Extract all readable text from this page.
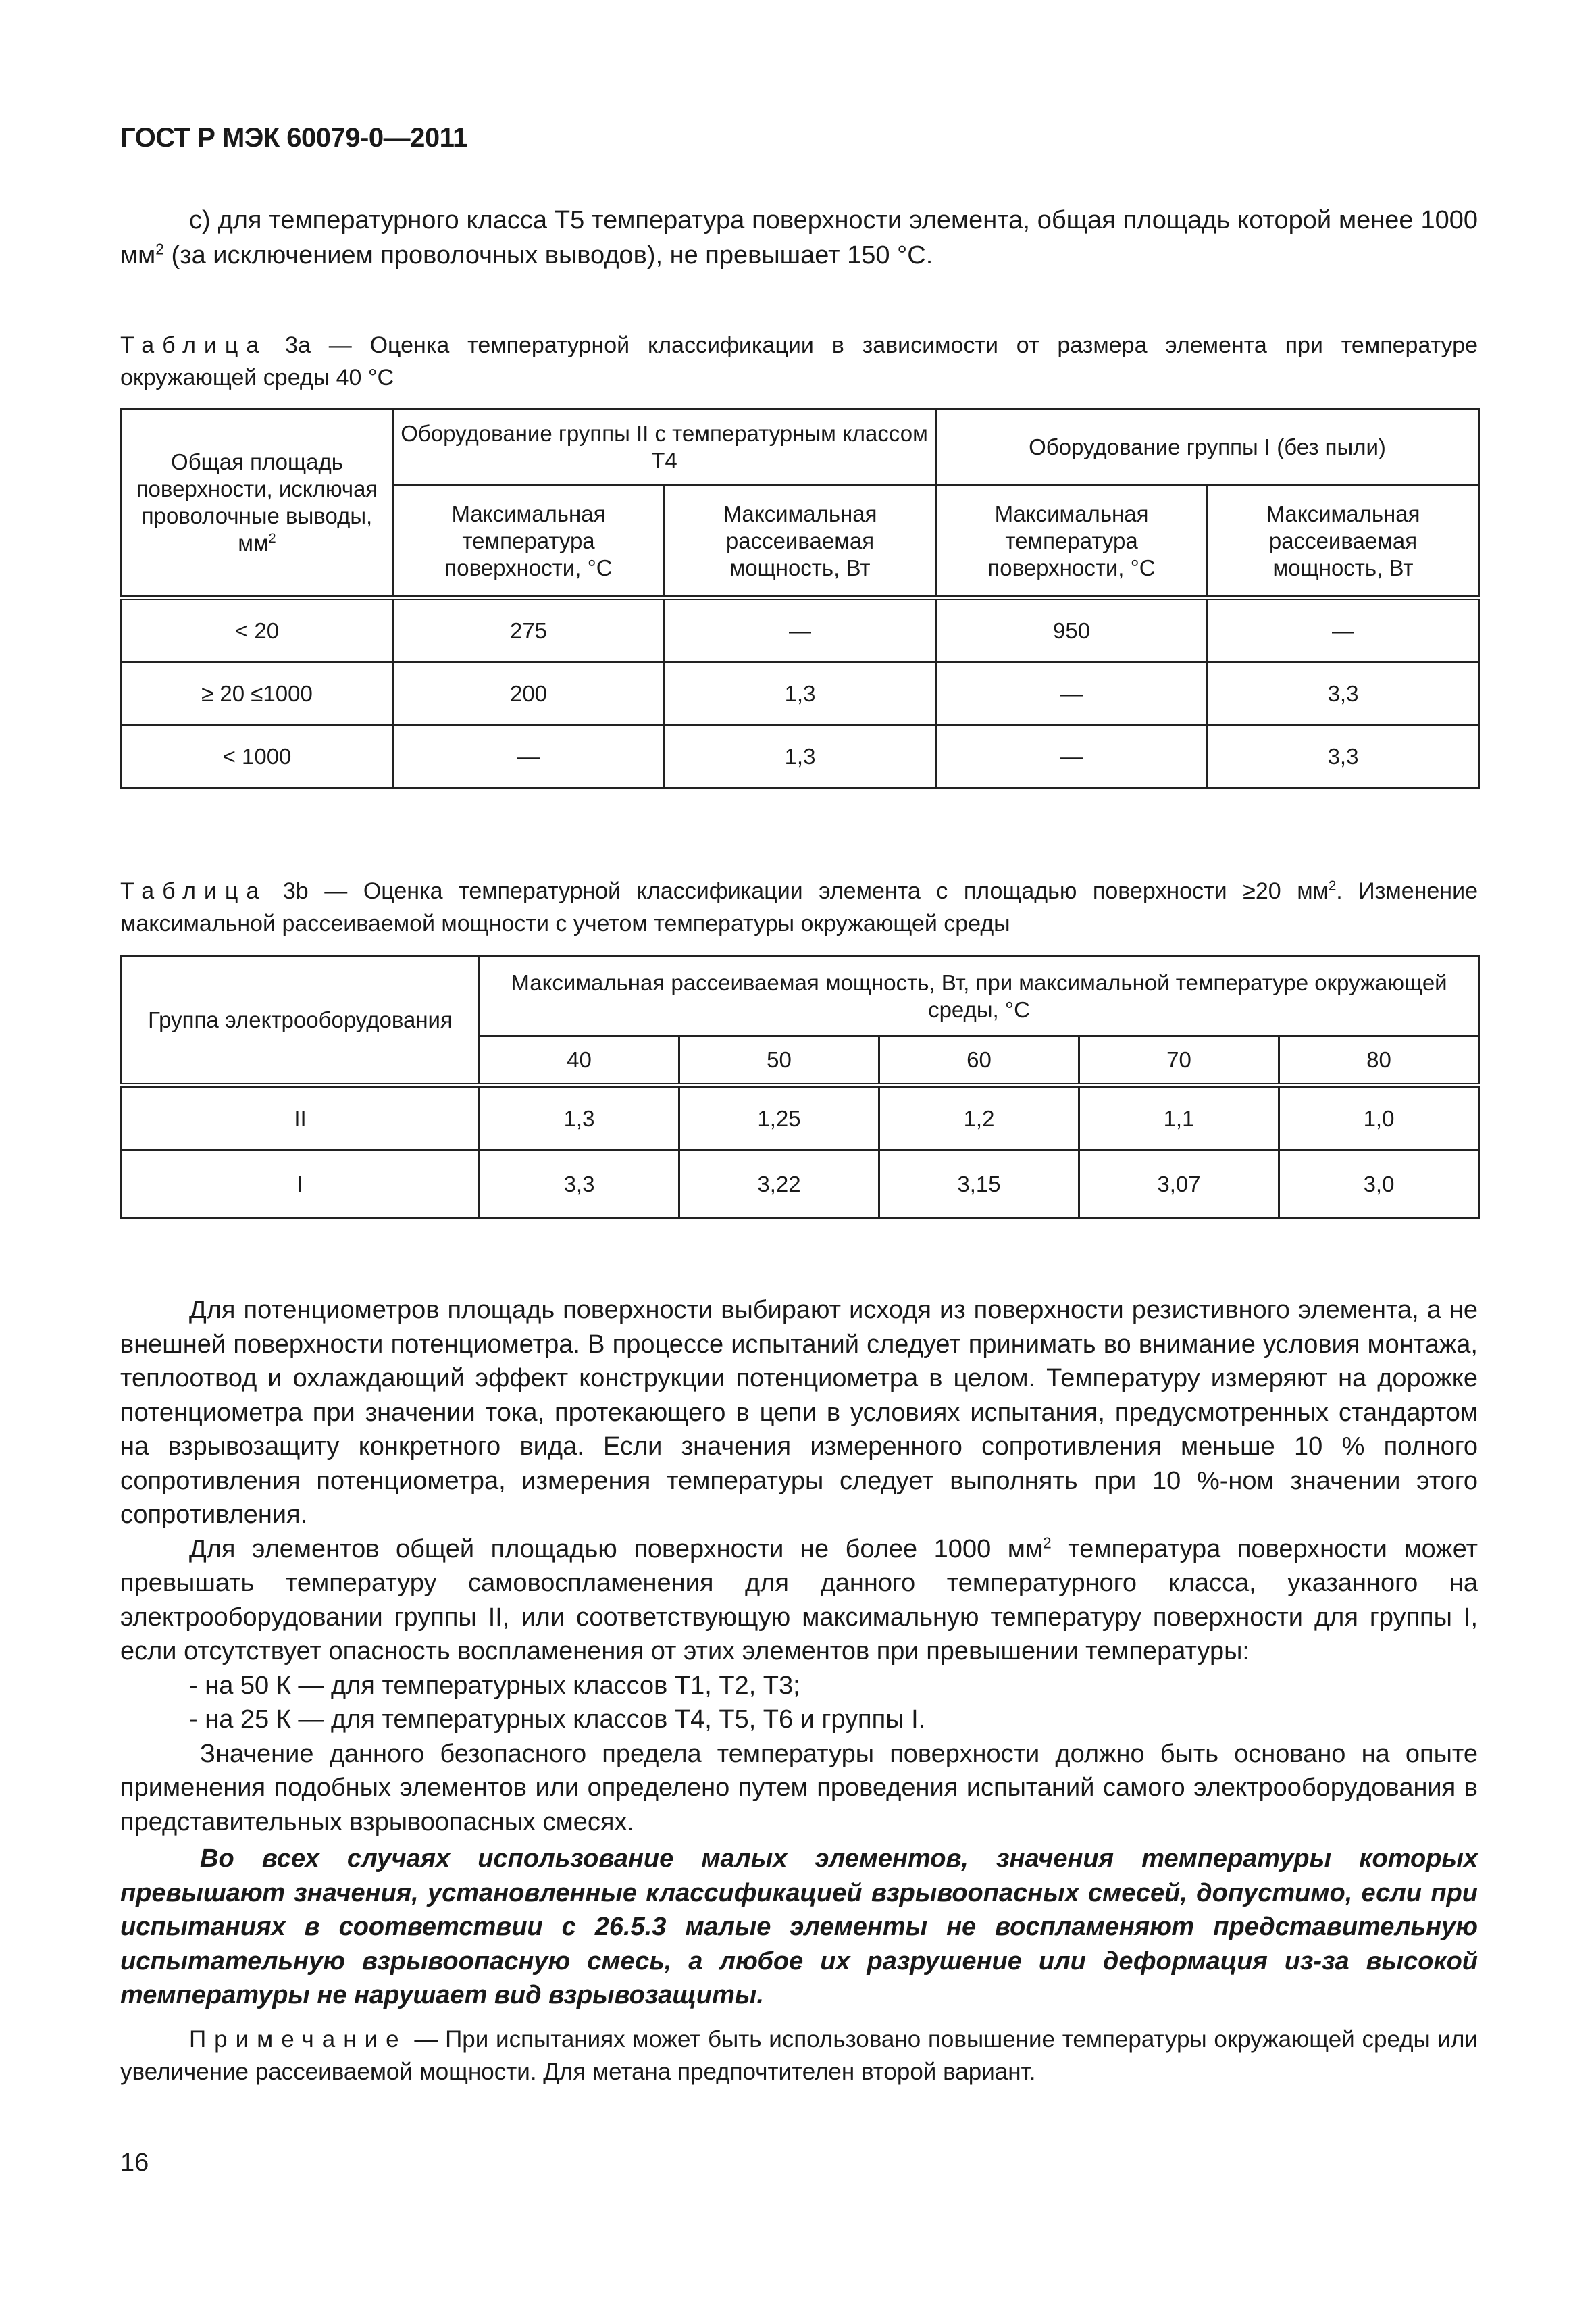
ГОСТ Р МЭК 60079-0—2011
с) для температурного класса Т5 температура поверхности элемента, общая площадь которой менее 1000 $мм^2$ (за исключением проволочных выводов), не превышает 150 °С.
Таблица 3а — Оценка температурной классификации в зависимости от размера элемента при температуре окружающей среды 40 °С
Общая площадь поверхности, исключая проволочные выводы, $мм^2$	Оборудование группы II с температурным классом Т4		Оборудование группы I (без пыли)	
	Максимальная температура поверхности, °С	Максимальная рассеиваемая мощность, Вт	Максимальная температура поверхности, °С	Максимальная рассеиваемая мощность, Вт
< 20	275	—	950	—
≥ 20 ≤1000	200	1,3	—	3,3
< 1000	—	1,3	—	3,3
Таблица 3b — Оценка температурной классификации элемента с площадью поверхности ≥20 $мм^2$. Изменение максимальной рассеиваемой мощности с учетом температуры окружающей среды
Группа электрооборудования	Максимальная рассеиваемая мощность, Вт, при максимальной температуре окружающей среды, °С				
	40	50	60	70	80
II	1,3	1,25	1,2	1,1	1,0
I	3,3	3,22	3,15	3,07	3,0
Для потенциометров площадь поверхности выбирают исходя из поверхности резистивного элемента, а не внешней поверхности потенциометра. В процессе испытаний следует принимать во внимание условия монтажа, теплоотвод и охлаждающий эффект конструкции потенциометра в целом. Температуру измеряют на дорожке потенциометра при значении тока, протекающего в цепи в условиях испытания, предусмотренных стандартом на взрывозащиту конкретного вида. Если значения измеренного сопротивления меньше 10 % полного сопротивления потенциометра, измерения температуры следует выполнять при 10 %-ном значении этого сопротивления.
Для элементов общей площадью поверхности не более 1000 $мм^2$ температура поверхности может превышать температуру самовоспламенения для данного температурного класса, указанного на электрооборудовании группы II, или соответствующую максимальную температуру поверхности для группы I, если отсутствует опасность воспламенения от этих элементов при превышении температуры:
- на 50 К — для температурных классов Т1, Т2, Т3;
- на 25 К — для температурных классов Т4, Т5, Т6 и группы I.
Значение данного безопасного предела температуры поверхности должно быть основано на опыте применения подобных элементов или определено путем проведения испытаний самого электрооборудования в представительных взрывоопасных смесях.
Во всех случаях использование малых элементов, значения температуры которых превышают значения, установленные классификацией взрывоопасных смесей, допустимо, если при испытаниях в соответствии с 26.5.3 малые элементы не воспламеняют представительную испытательную взрывоопасную смесь, а любое их разрушение или деформация из-за высокой температуры не нарушает вид взрывозащиты.
Примечание — При испытаниях может быть использовано повышение температуры окружающей среды или увеличение рассеиваемой мощности. Для метана предпочтителен второй вариант.
16
